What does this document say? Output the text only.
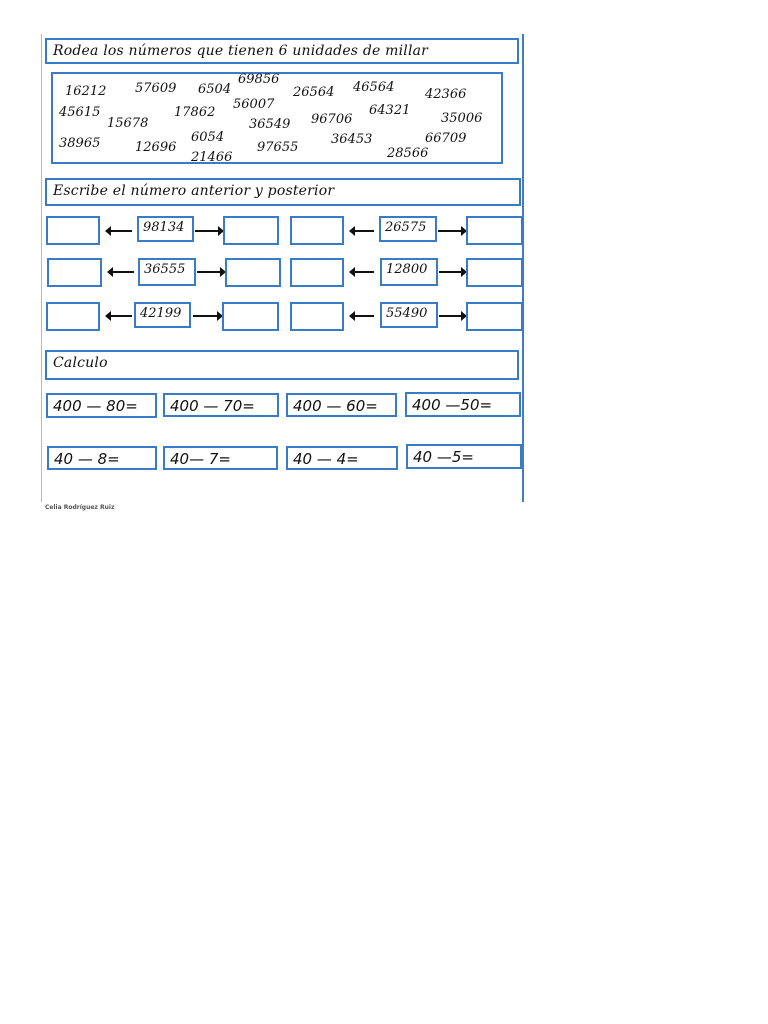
Rodea los números que tienen 6 unidades de millar
16212 57609 6504
69856
26564 46564 42366
45615
15678
17862
56007
36549 96706
64321
35006
38965	12696
6054
21466
97655
36453
28566
66709
Escribe el número anterior y posterior
98134	26575
36555	12800
42199	55490
Calculo
400 — 80=	400 — 70=	400 — 60=	400 —50=
40 — 8=	40— 7=	40 — 4=	40 —5=
Celia Rodríguez Ruiz
